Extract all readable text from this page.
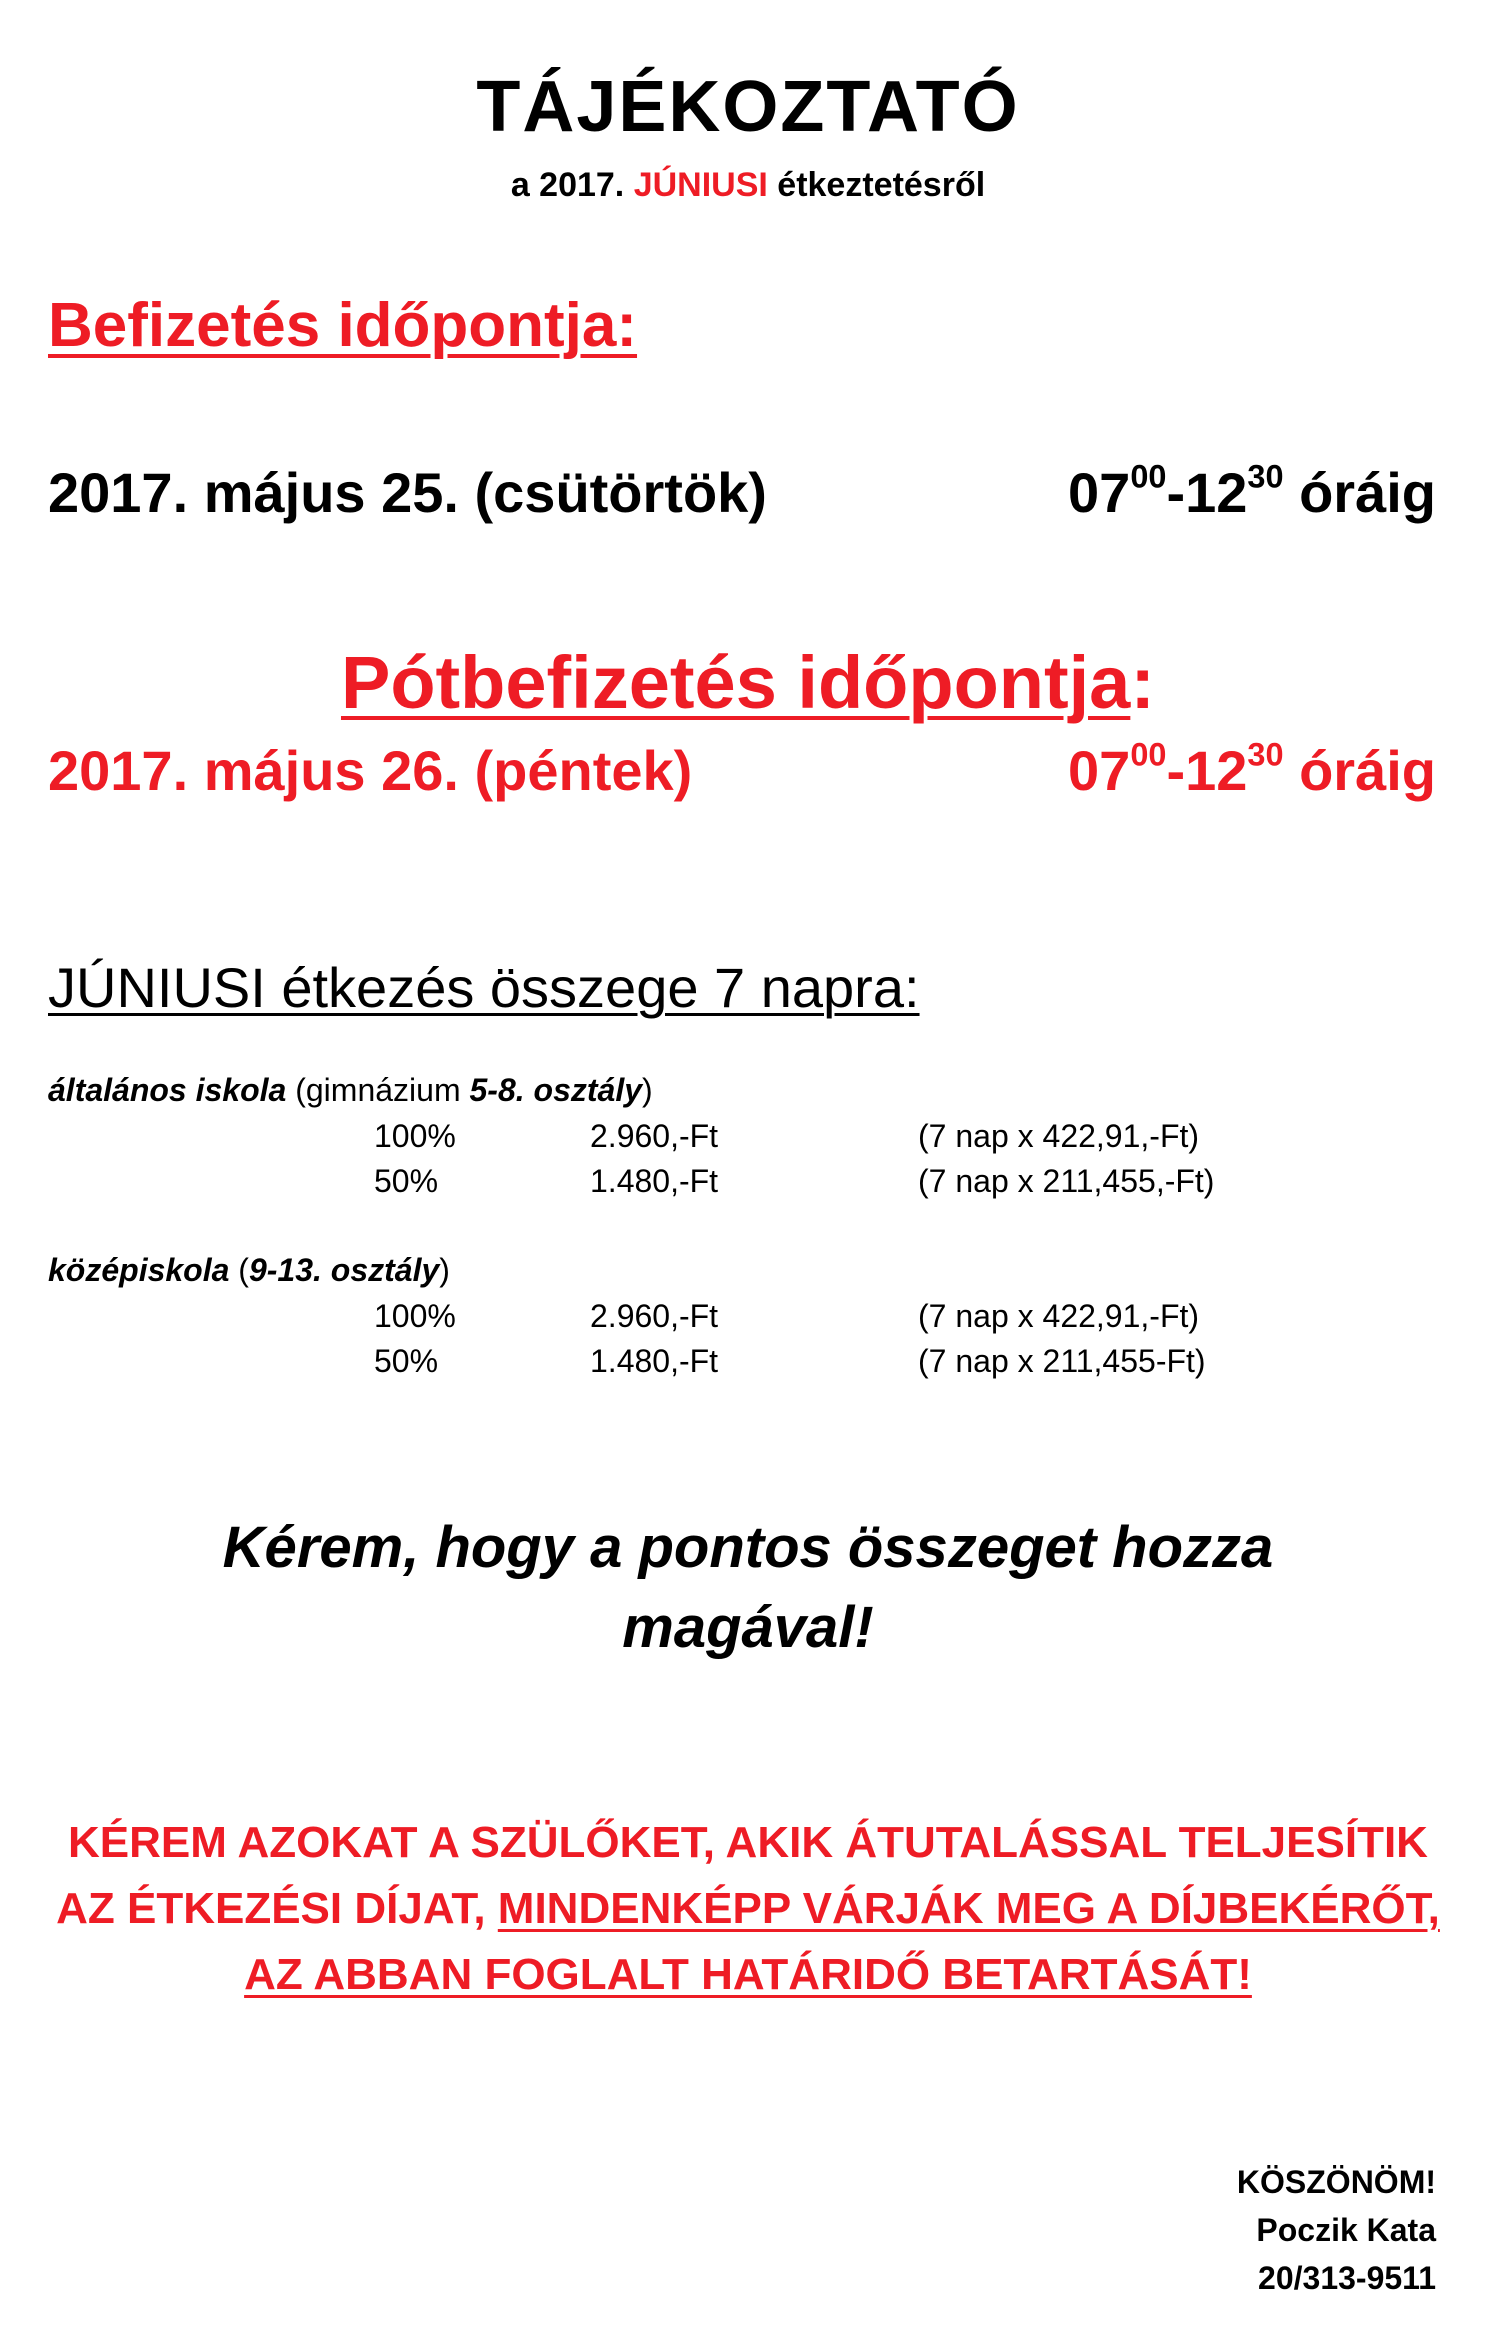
TÁJÉKOZTATÓ
a 2017. JÚNIUSI étkeztetésről
Befizetés időpontja:
2017. május 25. (csütörtök)	$07^{00}-12^{30}$ óráig
Pótbefizetés időpontja:
2017. május 26. (péntek)	$07^{00}-12^{30}$ óráig
JÚNIUSI étkezés összege 7 napra:
általános iskola (gimnázium 5-8. osztály)
100%	2.960,-Ft	(7 nap x 422,91,-Ft)
50%	1.480,-Ft	(7 nap x 211,455,-Ft)
középiskola (9-13. osztály)
100%	2.960,-Ft	(7 nap x 422,91,-Ft)
50%	1.480,-Ft	(7 nap x 211,455-Ft)
Kérem, hogy a pontos összeget hozza
magával!
KÉREM AZOKAT A SZÜLŐKET, AKIK ÁTUTALÁSSAL TELJESÍTIK AZ ÉTKEZÉSI DÍJAT, MINDENKÉPP VÁRJÁK MEG A DÍJBEKÉRŐT, AZ ABBAN FOGLALT HATÁRIDŐ BETARTÁSÁT!
KÖSZÖNÖM!
Poczik Kata
20/313-9511
